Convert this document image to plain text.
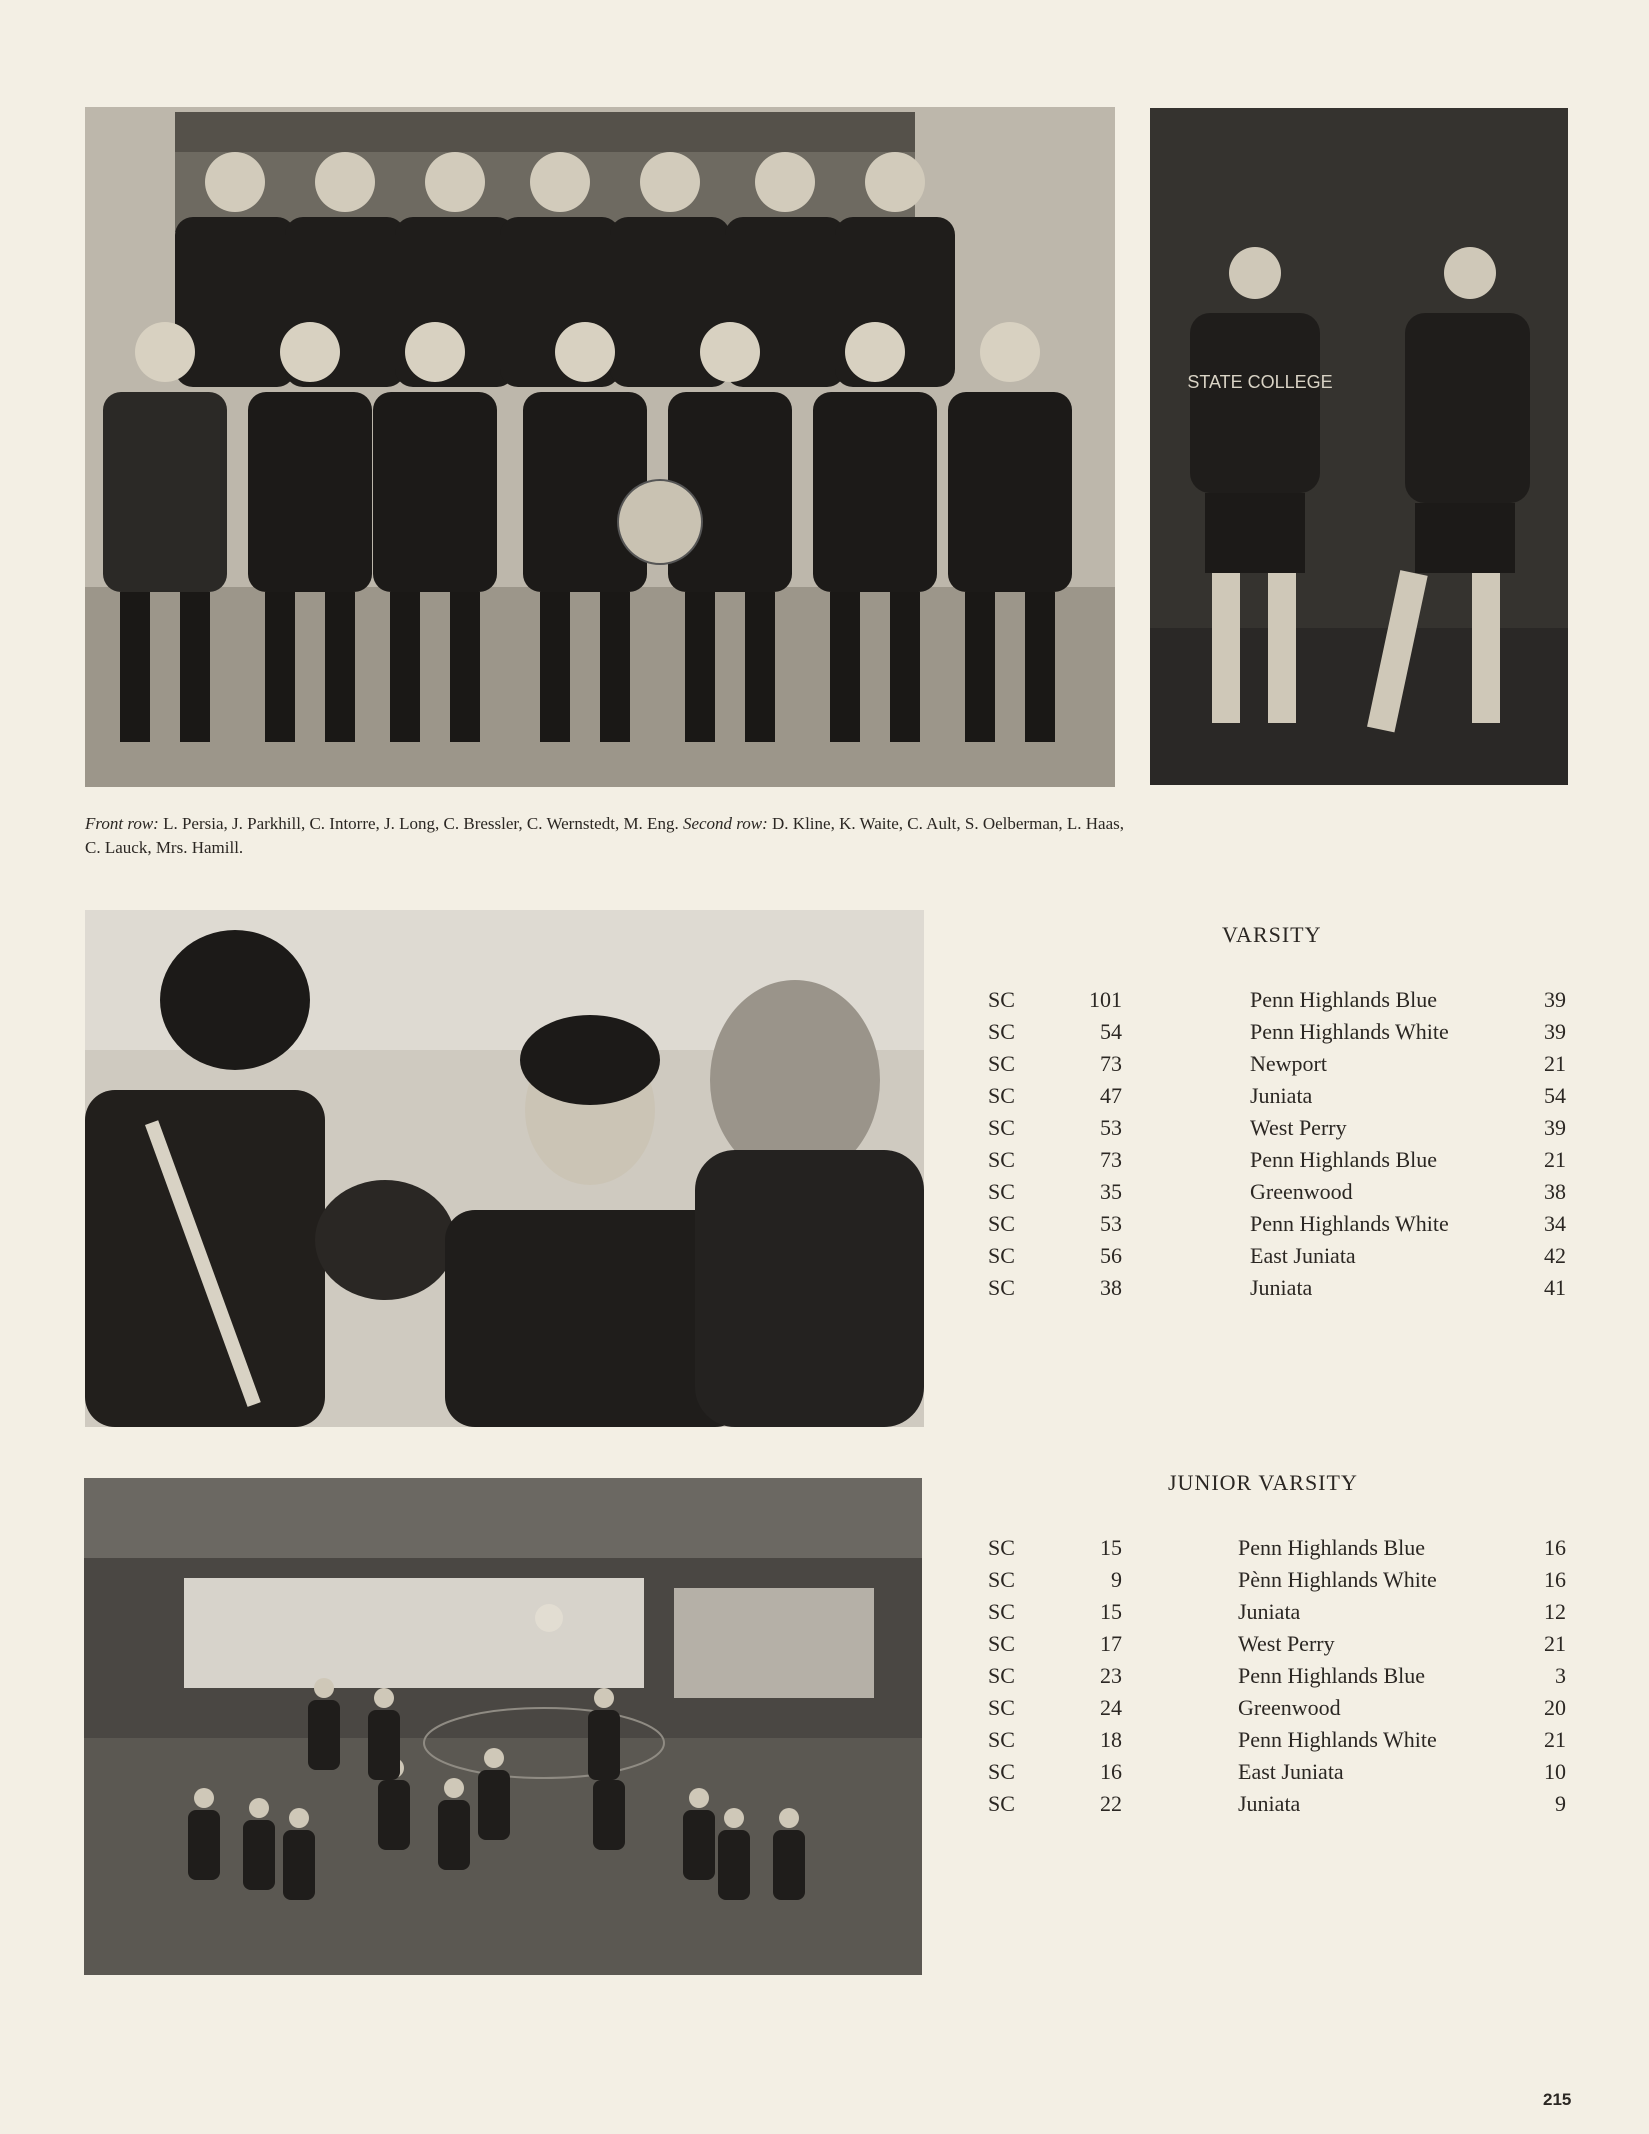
STATE COLLEGE
Front row: L. Persia, J. Parkhill, C. Intorre, J. Long, C. Bressler, C. Wernstedt, M. Eng. Second row: D. Kline, K. Waite, C. Ault, S. Oelberman, L. Haas, C. Lauck, Mrs. Hamill.
VARSITY
SC	101	Penn Highlands Blue	39
SC	54	Penn Highlands White	39
SC	73	Newport	21
SC	47	Juniata	54
SC	53	West Perry	39
SC	73	Penn Highlands Blue	21
SC	35	Greenwood	38
SC	53	Penn Highlands White	34
SC	56	East Juniata	42
SC	38	Juniata	41
JUNIOR VARSITY
SC	15	Penn Highlands Blue	16
SC	9	Pènn Highlands White	16
SC	15	Juniata	12
SC	17	West Perry	21
SC	23	Penn Highlands Blue	3
SC	24	Greenwood	20
SC	18	Penn Highlands White	21
SC	16	East Juniata	10
SC	22	Juniata	9
215
